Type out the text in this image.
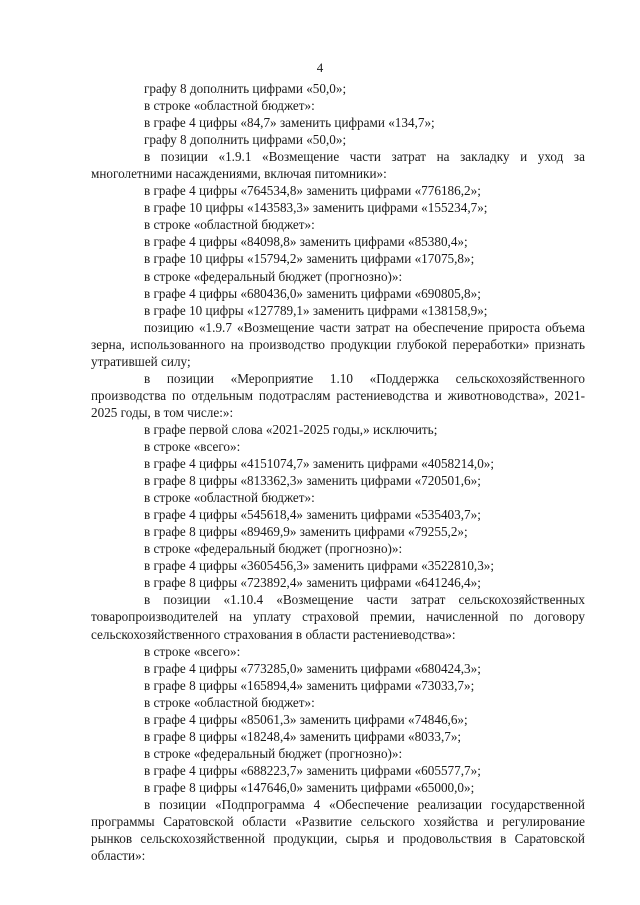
4

графу 8 дополнить цифрами «50,0»;

в строке «областной бюджет»:

в графе 4 цифры «84,7» заменить цифрами «134,7»;

графу 8 дополнить цифрами «50,0»;

в позиции «1.9.1 «Возмещение части затрат на закладку и уход за многолетними насаждениями, включая питомники»:

в графе 4 цифры «764534,8» заменить цифрами «776186,2»;

в графе 10 цифры «143583,3» заменить цифрами «155234,7»;

в строке «областной бюджет»:

в графе 4 цифры «84098,8» заменить цифрами «85380,4»;

в графе 10 цифры «15794,2» заменить цифрами «17075,8»;

в строке «федеральный бюджет (прогнозно)»:

в графе 4 цифры «680436,0» заменить цифрами «690805,8»;

в графе 10 цифры «127789,1» заменить цифрами «138158,9»;

позицию «1.9.7 «Возмещение части затрат на обеспечение прироста объема зерна, использованного на производство продукции глубокой переработки» признать утратившей силу;

в позиции «Мероприятие 1.10 «Поддержка сельскохозяйственного производства по отдельным подотраслям растениеводства и животноводства», 2021-2025 годы, в том числе:»:

в графе первой слова «2021-2025 годы,» исключить;

в строке «всего»:

в графе 4 цифры «4151074,7» заменить цифрами «4058214,0»;

в графе 8 цифры «813362,3» заменить цифрами «720501,6»;

в строке «областной бюджет»:

в графе 4 цифры «545618,4» заменить цифрами «535403,7»;

в графе 8 цифры «89469,9» заменить цифрами «79255,2»;

в строке «федеральный бюджет (прогнозно)»:

в графе 4 цифры «3605456,3» заменить цифрами «3522810,3»;

в графе 8 цифры «723892,4» заменить цифрами «641246,4»;

в позиции «1.10.4 «Возмещение части затрат сельскохозяйственных товаропроизводителей на уплату страховой премии, начисленной по договору сельскохозяйственного страхования в области растениеводства»:

в строке «всего»:

в графе 4 цифры «773285,0» заменить цифрами «680424,3»;

в графе 8 цифры «165894,4» заменить цифрами «73033,7»;

в строке «областной бюджет»:

в графе 4 цифры «85061,3» заменить цифрами «74846,6»;

в графе 8 цифры «18248,4» заменить цифрами «8033,7»;

в строке «федеральный бюджет (прогнозно)»:

в графе 4 цифры «688223,7» заменить цифрами «605577,7»;

в графе 8 цифры «147646,0» заменить цифрами «65000,0»;

в позиции «Подпрограмма 4 «Обеспечение реализации государственной программы Саратовской области «Развитие сельского хозяйства и регулирование рынков сельскохозяйственной продукции, сырья и продовольствия в Саратовской области»:
